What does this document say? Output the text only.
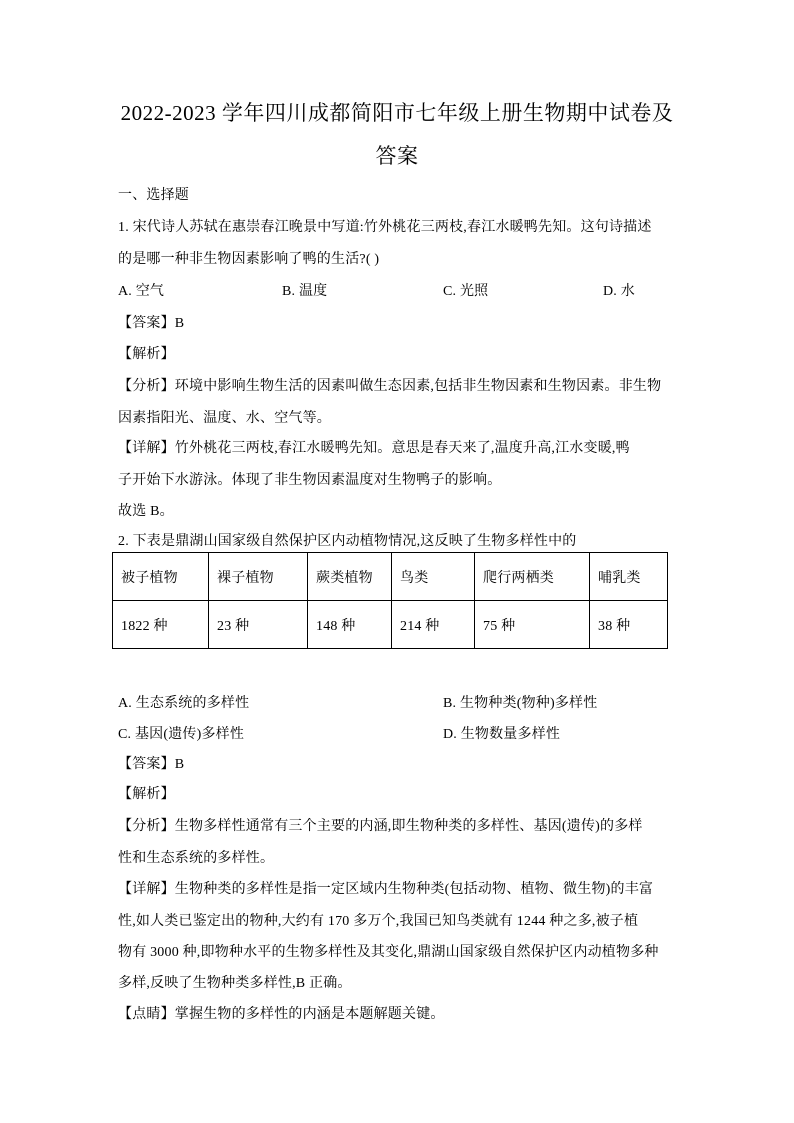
2022-2023 学年四川成都简阳市七年级上册生物期中试卷及
答案
一、选择题
1. 宋代诗人苏轼在惠崇春江晚景中写道:竹外桃花三两枝,春江水暖鸭先知。这句诗描述
的是哪一种非生物因素影响了鸭的生活?( )
A. 空气	B. 温度	C. 光照	D. 水
【答案】B
【解析】
【分析】环境中影响生物生活的因素叫做生态因素,包括非生物因素和生物因素。非生物
因素指阳光、温度、水、空气等。
【详解】竹外桃花三两枝,春江水暖鸭先知。意思是春天来了,温度升高,江水变暖,鸭
子开始下水游泳。体现了非生物因素温度对生物鸭子的影响。
故选 B。
2. 下表是鼎湖山国家级自然保护区内动植物情况,这反映了生物多样性中的
被子植物	裸子植物	蕨类植物	鸟类	爬行两栖类	哺乳类
1822 种	23 种	148 种	214 种	75 种	38 种
A. 生态系统的多样性	B. 生物种类(物种)多样性
C. 基因(遗传)多样性	D. 生物数量多样性
【答案】B
【解析】
【分析】生物多样性通常有三个主要的内涵,即生物种类的多样性、基因(遗传)的多样
性和生态系统的多样性。
【详解】生物种类的多样性是指一定区域内生物种类(包括动物、植物、微生物)的丰富
性,如人类已鉴定出的物种,大约有 170 多万个,我国已知鸟类就有 1244 种之多,被子植
物有 3000 种,即物种水平的生物多样性及其变化,鼎湖山国家级自然保护区内动植物多种
多样,反映了生物种类多样性,B 正确。
【点睛】掌握生物的多样性的内涵是本题解题关键。
